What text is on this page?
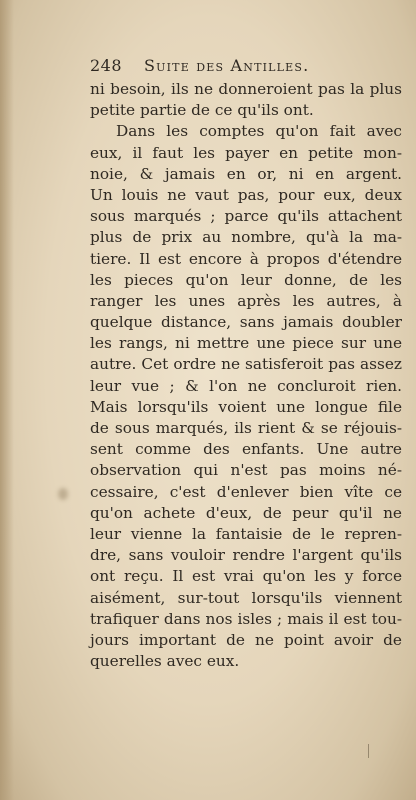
248 Suite des Antilles.
ni besoin, ils ne donneroient pas la plus
petite partie de ce qu'ils ont.
Dans les comptes qu'on fait avec
eux, il faut les payer en petite mon-
noie, & jamais en or, ni en argent.
Un louis ne vaut pas, pour eux, deux
sous marqués ; parce qu'ils attachent
plus de prix au nombre, qu'à la ma-
tiere. Il est encore à propos d'étendre
les pieces qu'on leur donne, de les
ranger les unes après les autres, à
quelque distance, sans jamais doubler
les rangs, ni mettre une piece sur une
autre. Cet ordre ne satisferoit pas assez
leur vue ; & l'on ne concluroit rien.
Mais lorsqu'ils voient une longue file
de sous marqués, ils rient & se réjouis-
sent comme des enfants. Une autre
observation qui n'est pas moins né-
cessaire, c'est d'enlever bien vîte ce
qu'on achete d'eux, de peur qu'il ne
leur vienne la fantaisie de le repren-
dre, sans vouloir rendre l'argent qu'ils
ont reçu. Il est vrai qu'on les y force
aisément, sur-tout lorsqu'ils viennent
trafiquer dans nos isles ; mais il est tou-
jours important de ne point avoir de
querelles avec eux.
